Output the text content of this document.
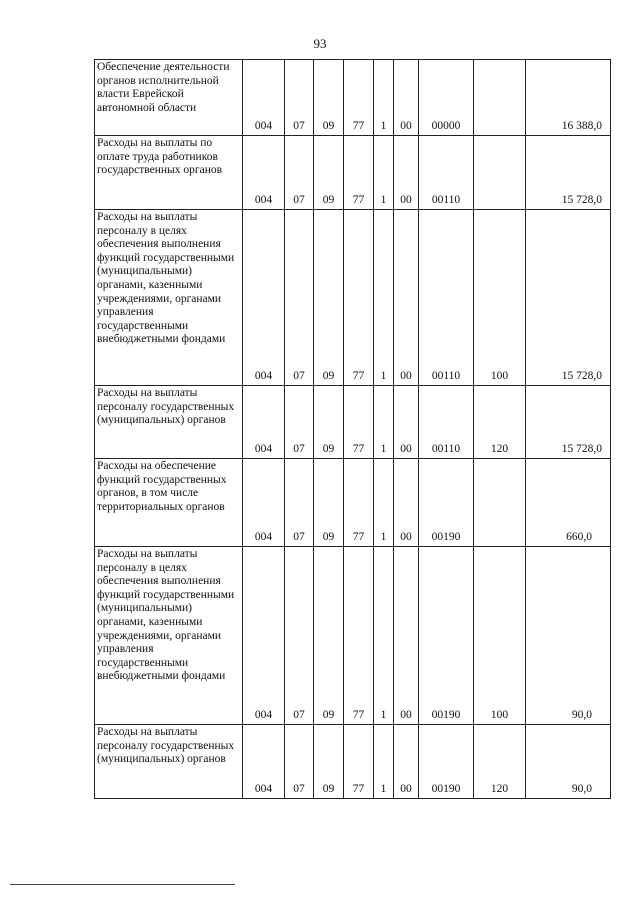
93
Обеспечение деятельности органов исполнительной власти Еврейской автономной области	004	07	09	77	1	00	00000		16 388,0

Расходы на выплаты по оплате труда работников государственных органов	004	07	09	77	1	00	00110		15 728,0

Расходы на выплаты персоналу в целях обеспечения выполнения функций государственными (муниципальными) органами, казенными учреждениями, органами управления государственными внебюджетными фондами	004	07	09	77	1	00	00110	100	15 728,0

Расходы на выплаты персоналу государственных (муниципальных) органов	004	07	09	77	1	00	00110	120	15 728,0

Расходы на обеспечение функций государственных органов, в том числе территориальных органов	004	07	09	77	1	00	00190		660,0

Расходы на выплаты персоналу в целях обеспечения выполнения функций государственными (муниципальными) органами, казенными учреждениями, органами управления государственными внебюджетными фондами	004	07	09	77	1	00	00190	100	90,0

Расходы на выплаты персоналу государственных (муниципальных) органов	004	07	09	77	1	00	00190	120	90,0
